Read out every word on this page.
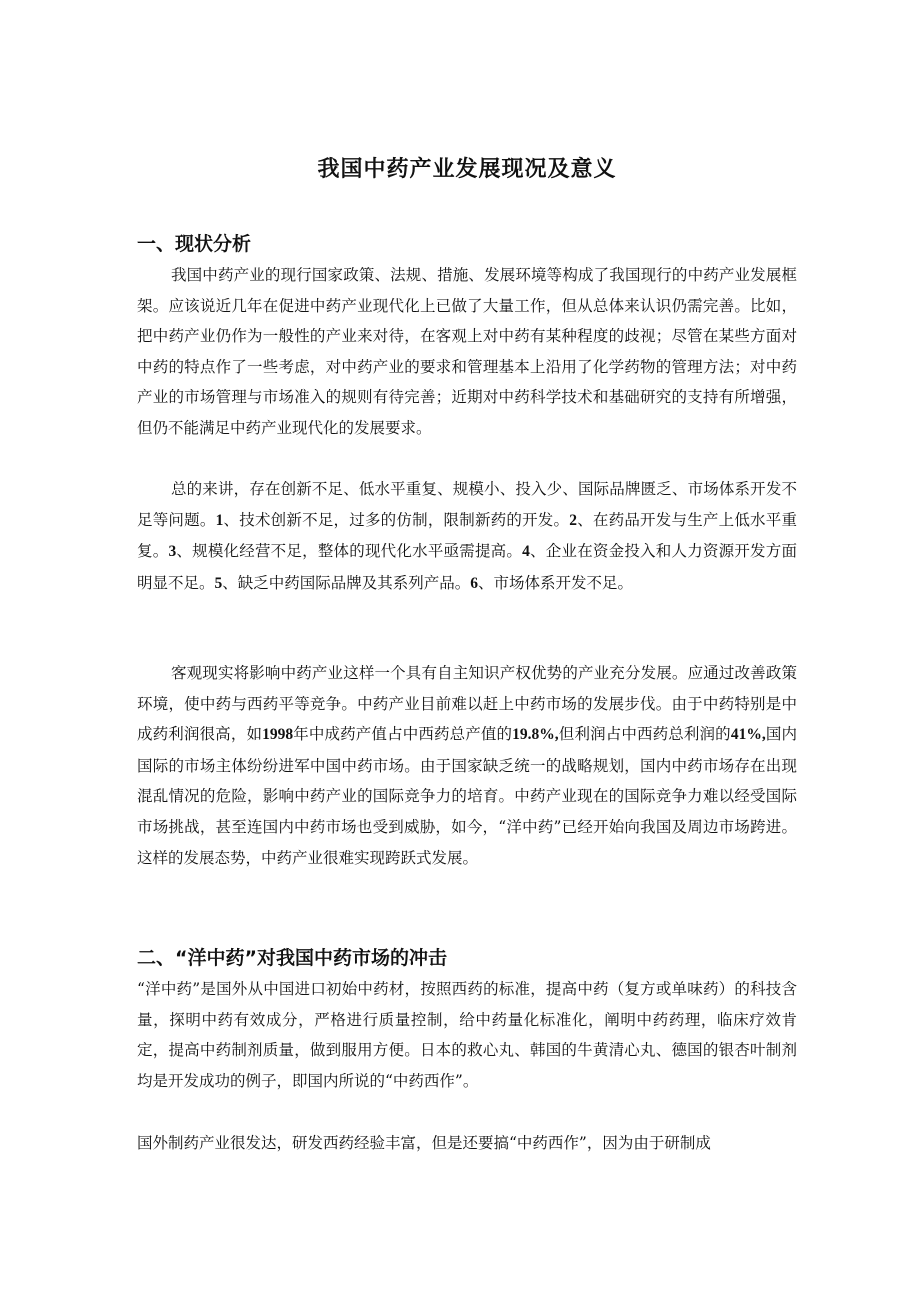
我国中药产业发展现况及意义
一、现状分析

我国中药产业的现行国家政策、法规、措施、发展环境等构成了我国现行的中药产业发展框架。应该说近几年在促进中药产业现代化上已做了大量工作，但从总体来认识仍需完善。比如，把中药产业仍作为一般性的产业来对待，在客观上对中药有某种程度的歧视；尽管在某些方面对中药的特点作了一些考虑，对中药产业的要求和管理基本上沿用了化学药物的管理方法；对中药产业的市场管理与市场准入的规则有待完善；近期对中药科学技术和基础研究的支持有所增强，但仍不能满足中药产业现代化的发展要求。

总的来讲，存在创新不足、低水平重复、规模小、投入少、国际品牌匮乏、市场体系开发不足等问题。1、技术创新不足，过多的仿制，限制新药的开发。2、在药品开发与生产上低水平重复。3、规模化经营不足，整体的现代化水平亟需提高。4、企业在资金投入和人力资源开发方面明显不足。5、缺乏中药国际品牌及其系列产品。6、市场体系开发不足。

客观现实将影响中药产业这样一个具有自主知识产权优势的产业充分发展。应通过改善政策环境，使中药与西药平等竞争。中药产业目前难以赶上中药市场的发展步伐。由于中药特别是中成药利润很高，如1998年中成药产值占中西药总产值的19.8%,但利润占中西药总利润的41%,国内国际的市场主体纷纷进军中国中药市场。由于国家缺乏统一的战略规划，国内中药市场存在出现混乱情况的危险，影响中药产业的国际竞争力的培育。中药产业现在的国际竞争力难以经受国际市场挑战，甚至连国内中药市场也受到威胁，如今，“洋中药”已经开始向我国及周边市场跨进。这样的发展态势，中药产业很难实现跨跃式发展。

二、“洋中药”对我国中药市场的冲击

“洋中药”是国外从中国进口初始中药材，按照西药的标准，提高中药（复方或单味药）的科技含量，探明中药有效成分，严格进行质量控制，给中药量化标准化，阐明中药药理，临床疗效肯定，提高中药制剂质量，做到服用方便。日本的救心丸、韩国的牛黄清心丸、德国的银杏叶制剂均是开发成功的例子，即国内所说的“中药西作”。

国外制药产业很发达，研发西药经验丰富，但是还要搞“中药西作”，因为由于研制成
